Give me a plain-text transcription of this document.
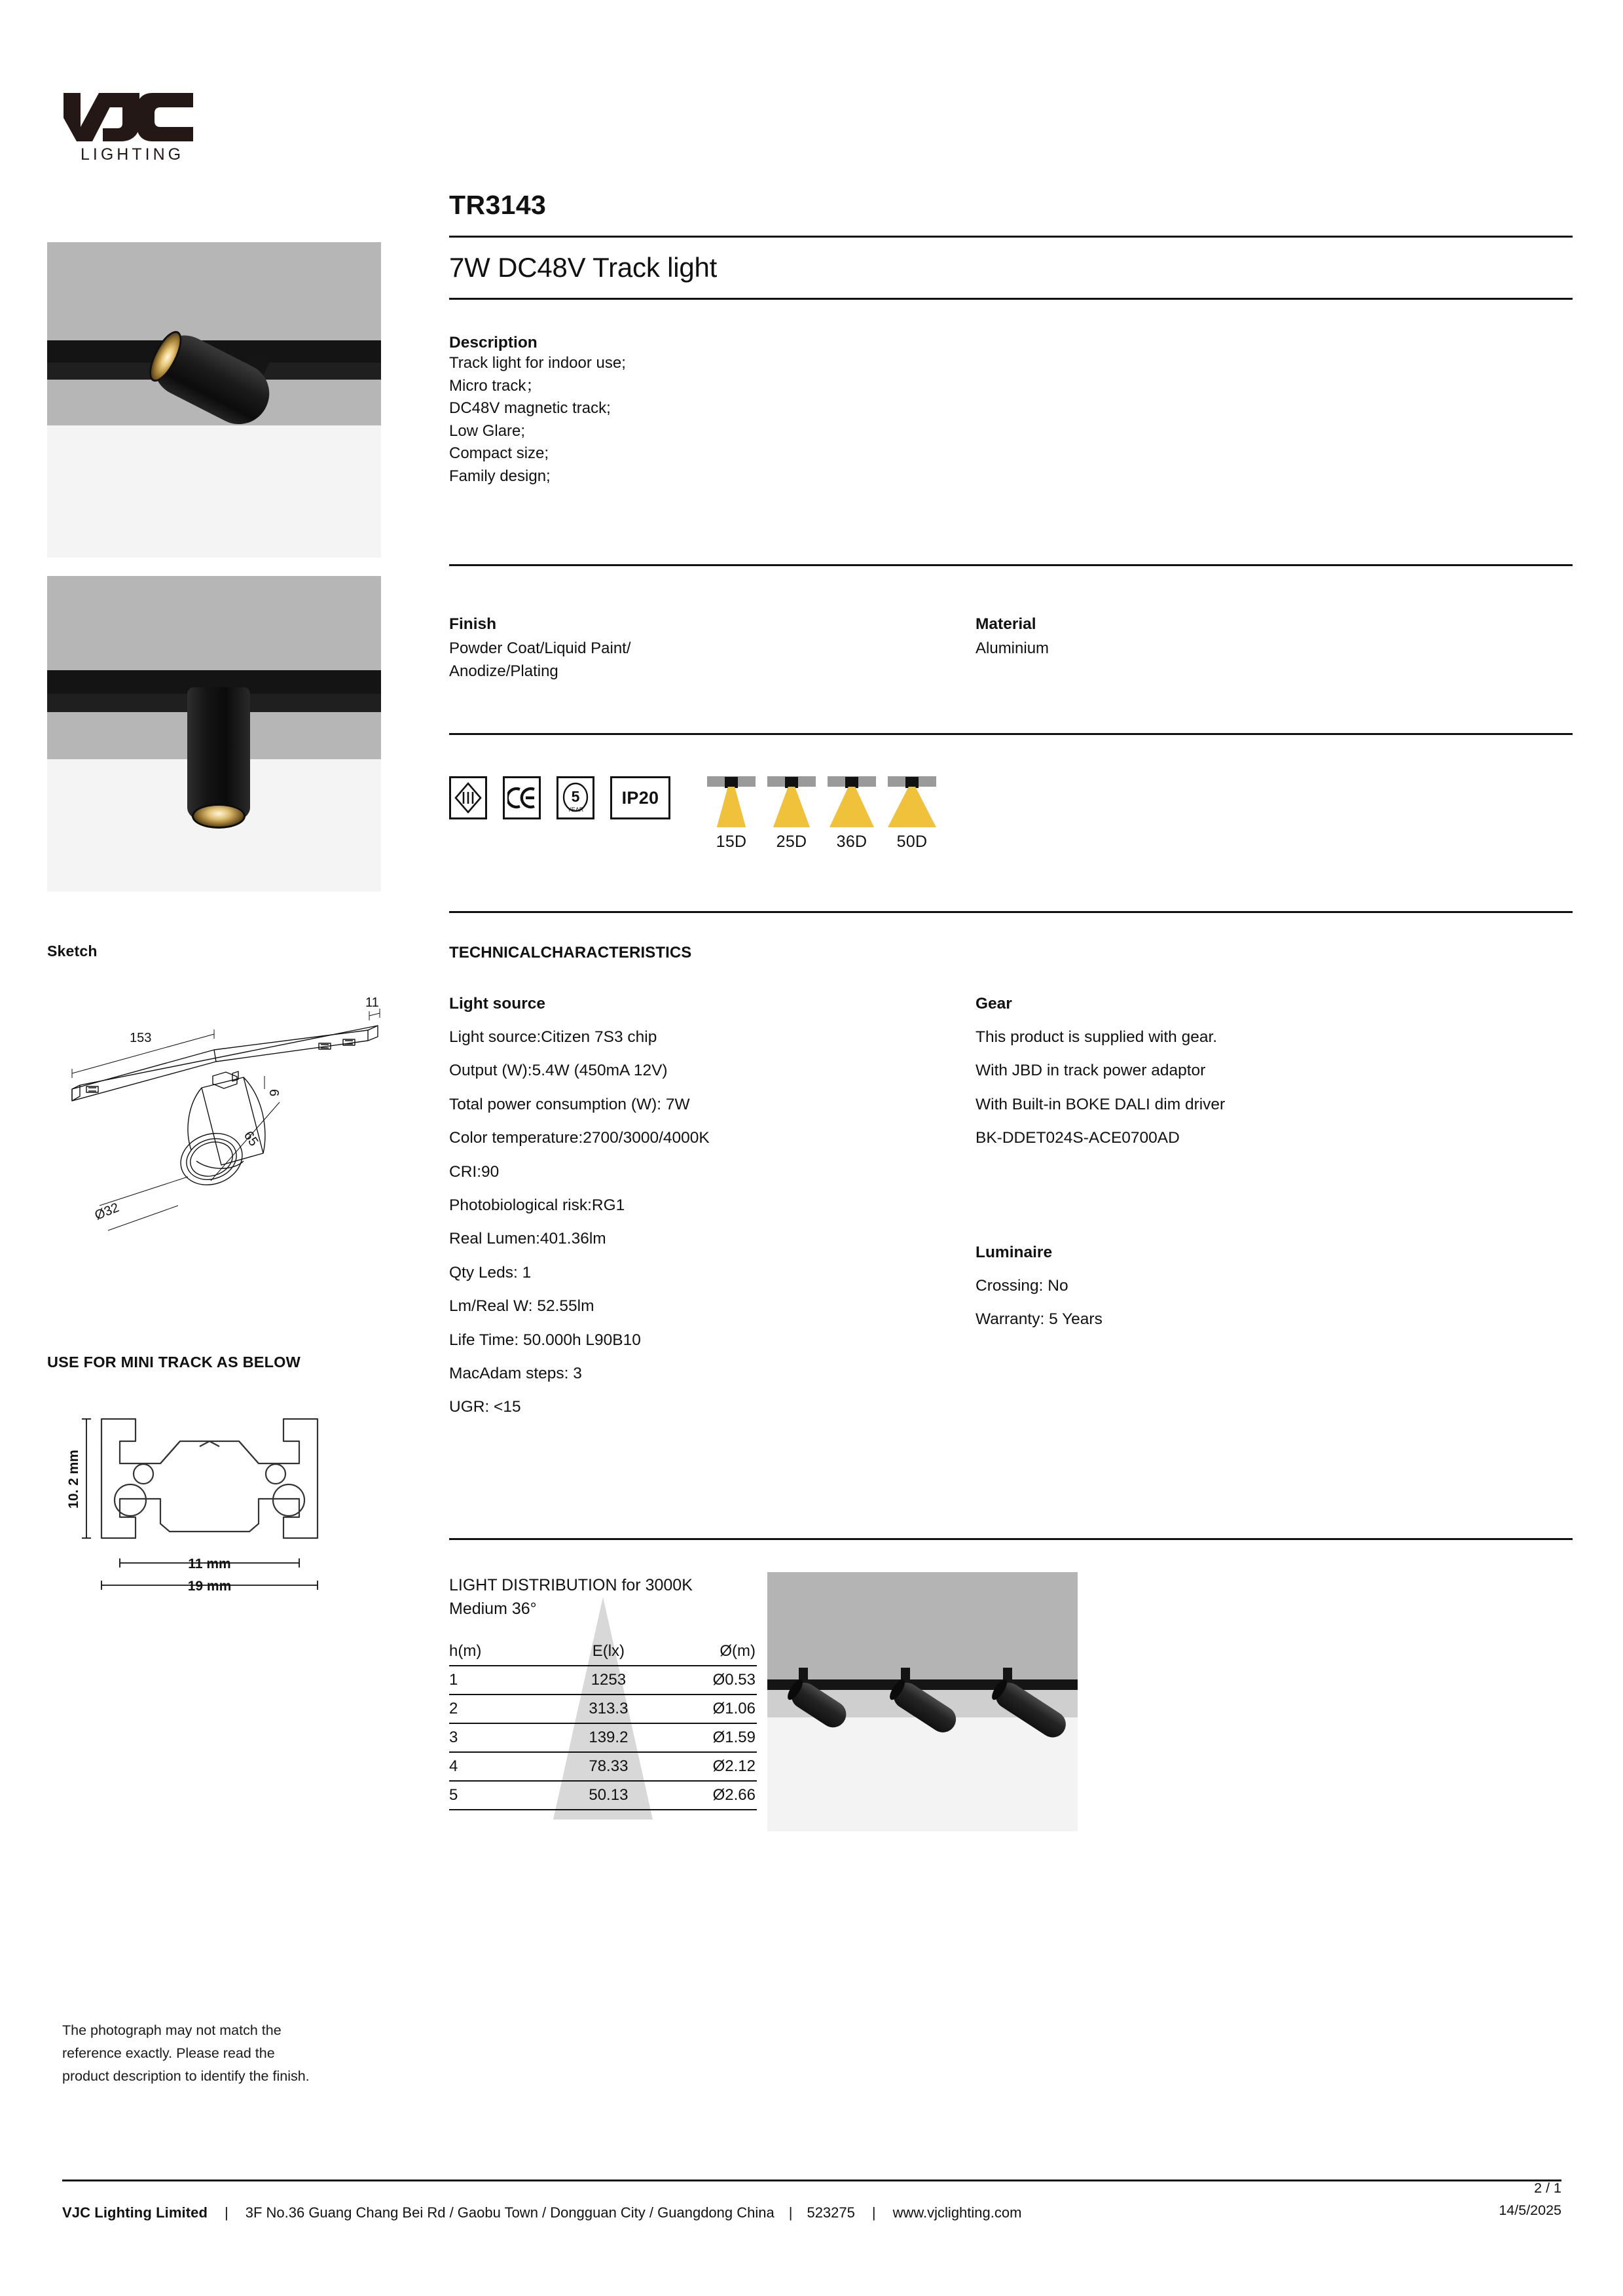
LIGHTING
Sketch
153
11
6
65
Ø32
USE FOR MINI TRACK AS BELOW
10. 2 mm
11 mm
19 mm
The photograph may not match the
reference exactly. Please read the
product description to identify the finish.
TR3143
7W DC48V Track light
Description
Track light for indoor use;
Micro track；
DC48V magnetic track;
Low Glare;
Compact size;
Family design;
Finish
Powder Coat/Liquid Paint/
Anodize/Plating
Material
Aluminium
5
YEAR
IP20
15D	25D	36D	50D
TECHNICALCHARACTERISTICS
Light source
Light source:Citizen 7S3 chip
Output (W):5.4W (450mA 12V)
Total power consumption (W): 7W
Color temperature:2700/3000/4000K
CRI:90
Photobiological risk:RG1
Real Lumen:401.36lm
Qty Leds: 1
Lm/Real W: 52.55lm
Life Time: 50.000h L90B10
MacAdam steps: 3
UGR: <15
Gear
This product is supplied with gear.
With JBD in track power adaptor
With Built-in BOKE DALI dim driver
BK-DDET024S-ACE0700AD
Luminaire
Crossing: No
Warranty: 5 Years
LIGHT DISTRIBUTION for 3000K
Medium 36°
h(m)	E(lx)	Ø(m)
1	1253	Ø0.53
2	313.3	Ø1.06
3	139.2	Ø1.59
4	78.33	Ø2.12
5	50.13	Ø2.66
VJC Lighting Limited	|	3F No.36 Guang Chang Bei Rd / Gaobu Town / Dongguan City / Guangdong China	|	523275	|	www.vjclighting.com
2 / 1
14/5/2025
